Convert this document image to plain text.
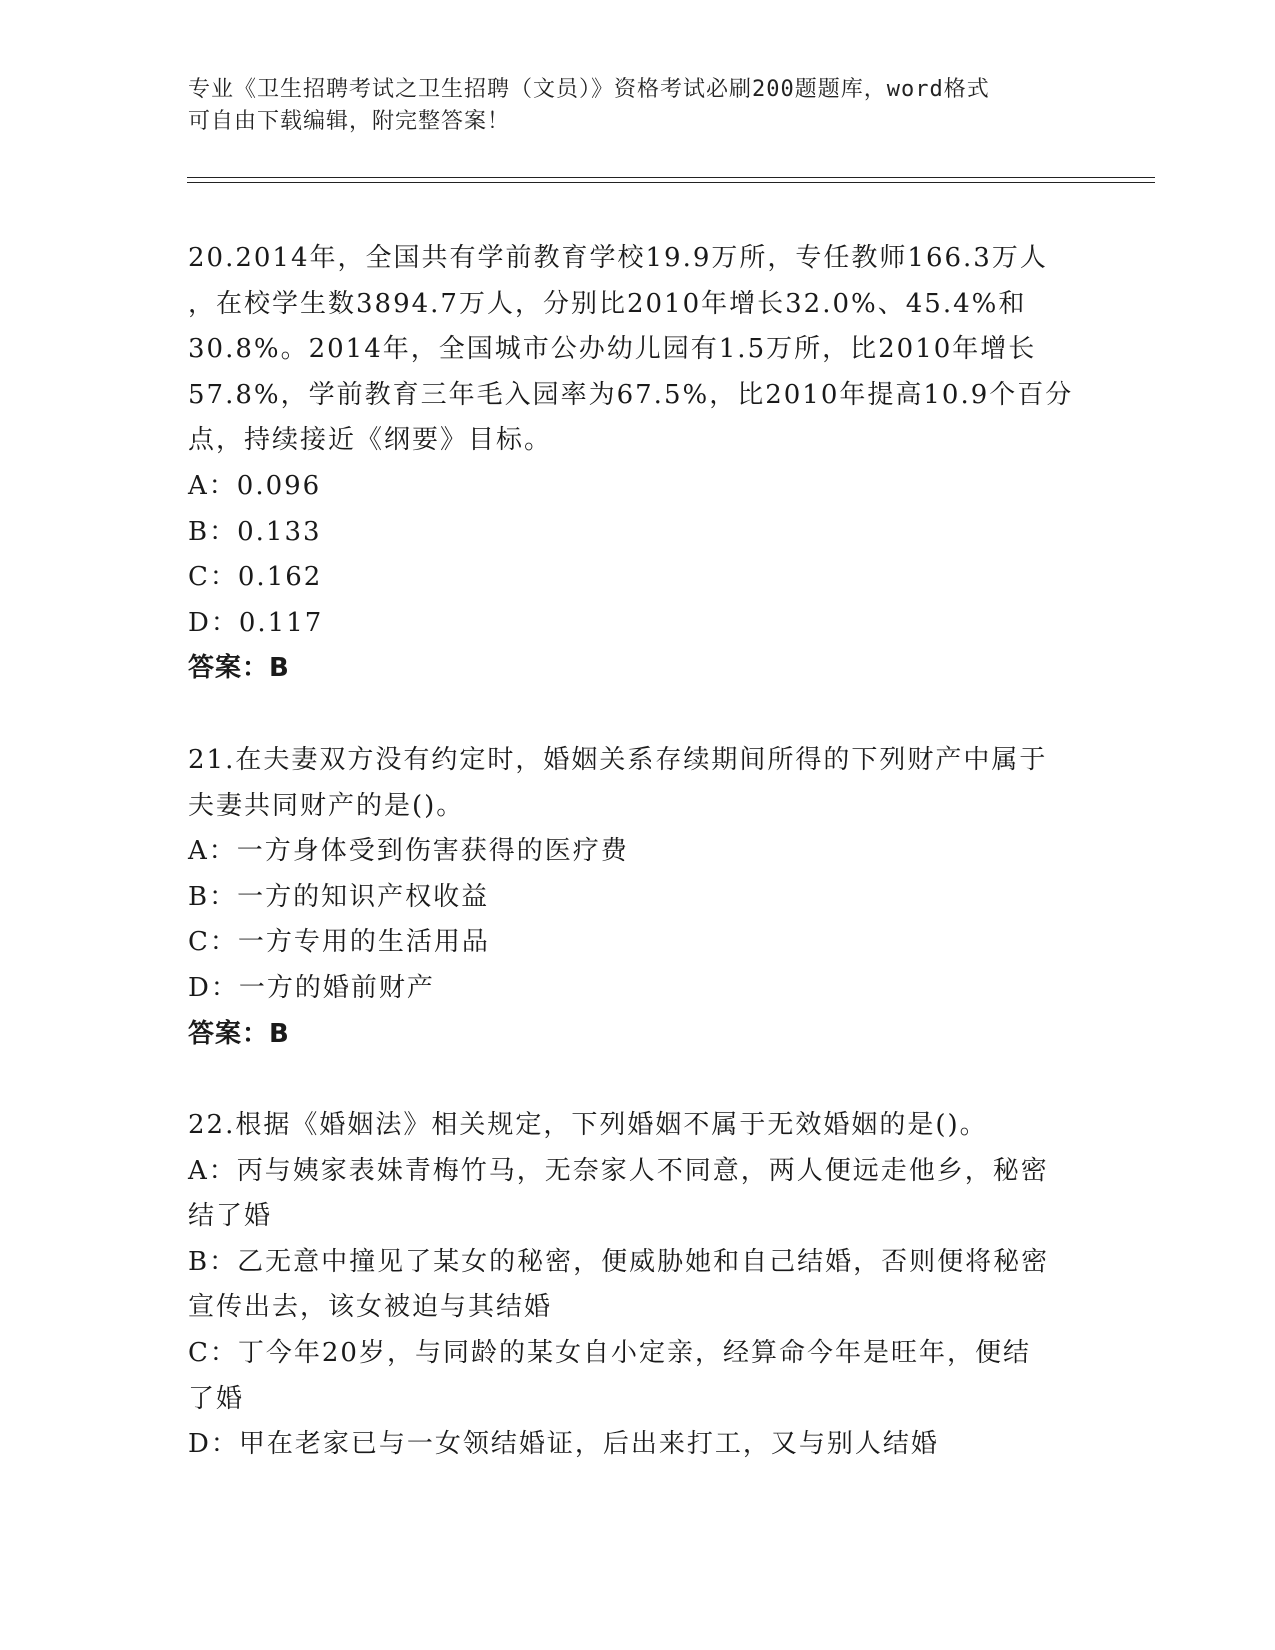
专业《卫生招聘考试之卫生招聘（文员）》资格考试必刷200题题库，word格式
可自由下载编辑，附完整答案！
20.2014年，全国共有学前教育学校19.9万所，专任教师166.3万人
，在校学生数3894.7万人，分别比2010年增长32.0%、45.4%和
30.8%。2014年，全国城市公办幼儿园有1.5万所，比2010年增长
57.8%，学前教育三年毛入园率为67.5%，比2010年提高10.9个百分
点，持续接近《纲要》目标。
A：0.096
B：0.133
C：0.162
D：0.117
答案：B
21.在夫妻双方没有约定时，婚姻关系存续期间所得的下列财产中属于
夫妻共同财产的是()。
A：一方身体受到伤害获得的医疗费
B：一方的知识产权收益
C：一方专用的生活用品
D：一方的婚前财产
答案：B
22.根据《婚姻法》相关规定，下列婚姻不属于无效婚姻的是()。
A：丙与姨家表妹青梅竹马，无奈家人不同意，两人便远走他乡，秘密
结了婚
B：乙无意中撞见了某女的秘密，便威胁她和自己结婚，否则便将秘密
宣传出去，该女被迫与其结婚
C：丁今年20岁，与同龄的某女自小定亲，经算命今年是旺年，便结
了婚
D：甲在老家已与一女领结婚证，后出来打工，又与别人结婚
